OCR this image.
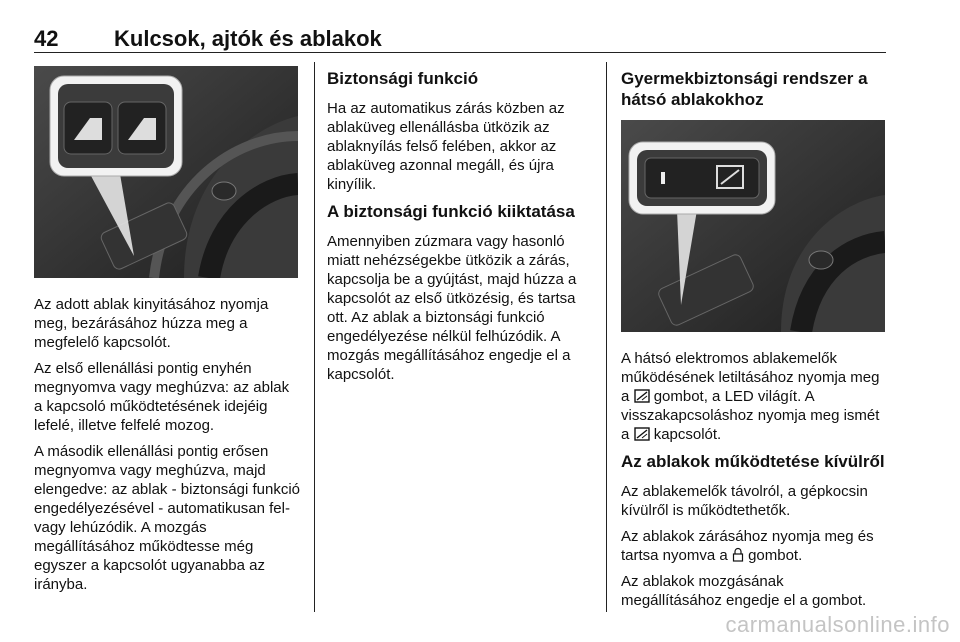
42	Kulcsok, ajtók és ablakok

Az adott ablak kinyitásához nyomja meg, bezárásához húzza meg a megfelelő kapcsolót.

Az első ellenállási pontig enyhén megnyomva vagy meghúzva: az ablak a kapcsoló működtetésének idejéig lefelé, illetve felfelé mozog.

A második ellenállási pontig erősen megnyomva vagy meghúzva, majd elengedve: az ablak - biztonsági funkció engedélyezésével - automatikusan fel- vagy lehúzódik. A mozgás megállításához működtesse még egyszer a kapcsolót ugyanabba az irányba.

Biztonsági funkció

Ha az automatikus zárás közben az ablaküveg ellenállásba ütközik az ablaknyílás felső felében, akkor az ablaküveg azonnal megáll, és újra kinyílik.

A biztonsági funkció kiiktatása

Amennyiben zúzmara vagy hasonló miatt nehézségekbe ütközik a zárás, kapcsolja be a gyújtást, majd húzza a kapcsolót az első ütközésig, és tartsa ott. Az ablak a biztonsági funkció engedélyezése nélkül felhúzódik. A mozgás megállításához engedje el a kapcsolót.

Gyermekbiztonsági rendszer a hátsó ablakokhoz

A hátsó elektromos ablakemelők működésének letiltásához nyomja meg a gombot, a LED világít. A visszakapcsoláshoz nyomja meg ismét a kapcsolót.

Az ablakok működtetése kívülről

Az ablakemelők távolról, a gépkocsin kívülről is működtethetők.

Az ablakok zárásához nyomja meg és tartsa nyomva a gombot.

Az ablakok mozgásának megállításához engedje el a gombot.

carmanualsonline.info
